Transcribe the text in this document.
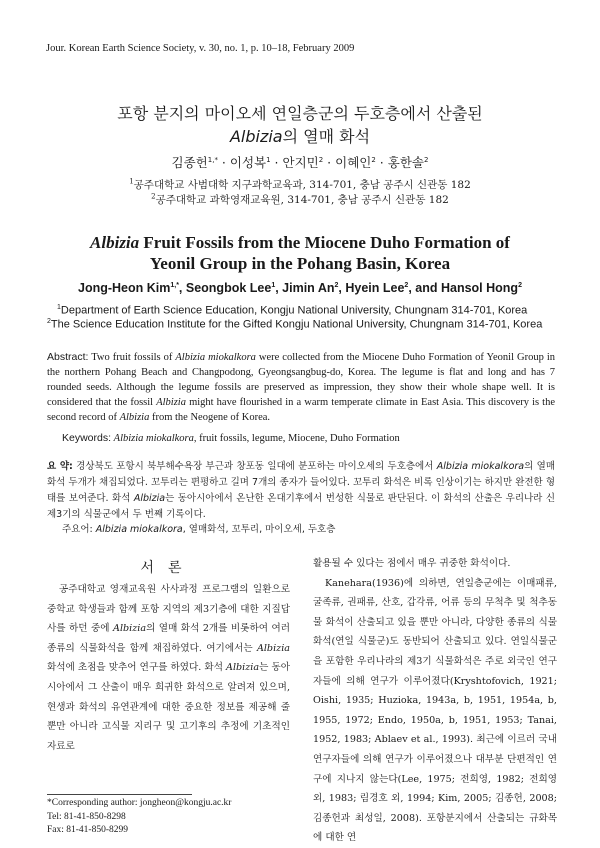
Jour. Korean Earth Science Society, v. 30, no. 1, p. 10–18, February 2009
포항 분지의 마이오세 연일층군의 두호층에서 산출된
Albizia의 열매 화석
김종헌$^{1,*}$ · 이성복$^1$ · 안지민$^2$ · 이혜인$^2$ · 홍한솔$^2$
$^1$공주대학교 사범대학 지구과학교육과, 314-701, 충남 공주시 신관동 182
$^2$공주대학교 과학영재교육원, 314-701, 충남 공주시 신관동 182
Albizia Fruit Fossils from the Miocene Duho Formation of
Yeonil Group in the Pohang Basin, Korea
Jong-Heon Kim$^{1,*}$, Seongbok Lee$^1$, Jimin An$^2$, Hyein Lee$^2$, and Hansol Hong$^2$
$^1$Department of Earth Science Education, Kongju National University, Chungnam 314-701, Korea
$^2$The Science Education Institute for the Gifted Kongju National University, Chungnam 314-701, Korea
Abstract: Two fruit fossils of Albizia miokalkora were collected from the Miocene Duho Formation of Yeonil Group in the northern Pohang Beach and Changpodong, Gyeongsangbug-do, Korea. The legume is flat and long and has 7 rounded seeds. Although the legume fossils are preserved as impression, they show their whole shape well. It is considered that the fossil Albizia might have flourished in a warm temperate climate in East Asia. This discovery is the second record of Albizia from the Neogene of Korea.
Keywords: Albizia miokalkora, fruit fossils, legume, Miocene, Duho Formation
요 약: 경상북도 포항시 북부해수욕장 부근과 창포동 일대에 분포하는 마이오세의 두호층에서 Albizia miokalkora의 열매화석 두개가 채집되었다. 꼬투리는 편평하고 길며 7개의 종자가 들어있다. 꼬투리 화석은 비록 인상이기는 하지만 완전한 형태를 보여준다. 화석 Albizia는 동아시아에서 온난한 온대기후에서 번성한 식물로 판단된다. 이 화석의 산출은 우리나라 신제3기의 식물군에서 두 번째 기록이다.
주요어: Albizia miokalkora, 열매화석, 꼬투리, 마이오세, 두호층
서론

공주대학교 영재교육원 사사과정 프로그램의 일환으로 중학교 학생들과 함께 포항 지역의 제3기층에 대한 지질답사를 하던 중에 Albizia의 열매 화석 2개를 비롯하여 여러 종류의 식물화석을 함께 채집하였다. 여기에서는 Albizia 화석에 초점을 맞추어 연구를 하였다. 화석 Albizia는 동아시아에서 그 산출이 매우 희귀한 화석으로 알려져 있으며, 현생과 화석의 유연관계에 대한 중요한 정보를 제공해 줄 뿐만 아니라 고식물 지리구 및 고기후의 추정에 기초적인 자료로

활용될 수 있다는 점에서 매우 귀중한 화석이다.

Kanehara(1936)에 의하면, 연일층군에는 이매패류, 굴족류, 권패류, 산호, 갑각류, 어류 등의 무척추 및 척추동물 화석이 산출되고 있을 뿐만 아니라, 다양한 종류의 식물화석(연일 식물군)도 동반되어 산출되고 있다. 연일식물군을 포함한 우리나라의 제3기 식물화석은 주로 외국인 연구자들에 의해 연구가 이루어졌다(Kryshtofovich, 1921; Oishi, 1935; Huzioka, 1943a, b, 1951, 1954a, b, 1955, 1972; Endo, 1950a, b, 1951, 1953; Tanai, 1952, 1983; Ablaev et al., 1993). 최근에 이르러 국내 연구자들에 의해 연구가 이루어졌으나 대부분 단편적인 연구에 지나지 않는다(Lee, 1975; 전희영, 1982; 전희영 외, 1983; 림경호 외, 1994; Kim, 2005; 김종헌, 2008; 김종헌과 최성일, 2008). 포항분지에서 산출되는 규화목에 대한 연

*Corresponding author: jongheon@kongju.ac.kr
Tel: 81-41-850-8298
Fax: 81-41-850-8299
